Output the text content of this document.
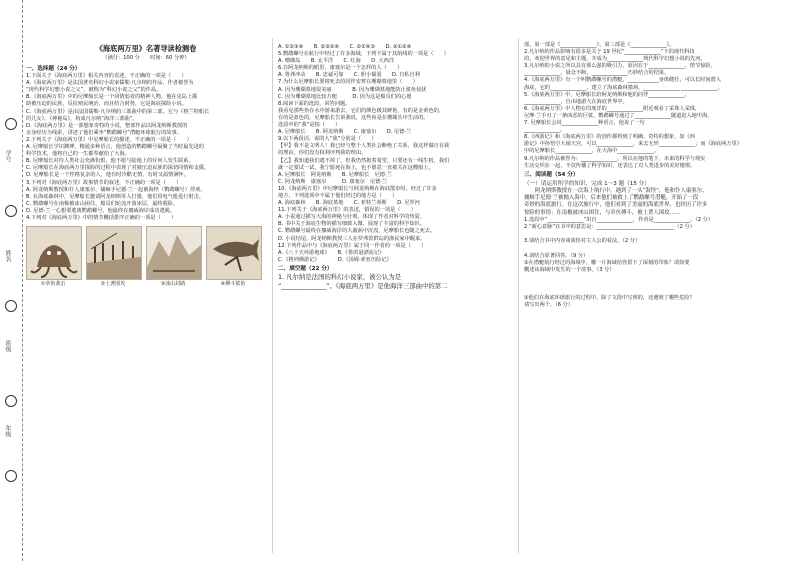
学号
姓名
班级
年级
《海底两万里》名著导读检测卷
（满分：100 分　　时间：60 分钟）
一、选择题（24 分）
1.下面关于《海底两万里》相关内容的表述，不正确的一项是（　　）
A.《海底两万里》是法国著名科幻小说家儒勒·凡尔纳的作品，作者被誉为
“现代科学幻想小说之父”，被称为“科幻小说之父”的作品。
B.《海底两万里》中的尼摩船长是一个同情弱者的精神人物，他在克岛上援
助被压迫的民族，反抗殖民统治，而且结合时势，它是海底探险小说。
C.《海底两万里》是由法国儒勒·凡尔纳的三部曲中的第二部，它与《格兰特船长
的儿女》、《神秘岛》，构成凡尔纳“海洋三部曲”。
D.《海底两万里》是一部想象奇特的小说，整部作品以阿龙纳斯教授的
亲身经历为线索，讲述了他们乘坐“鹦鹉螺号”潜艇环球航行的故事。
2.下列关于《海底两万里》中尼摩船长的描述，不正确的一项是（　　）
A. 尼摩船长学识渊博，精通多种语言，他创造的鹦鹉螺号凝聚了当时最先进的
科学技术，他将自己的一生都奉献给了大海。
B. 尼摩船长对待人类社会充满仇恨，他不愿与陆地上的任何人发生联系。
C. 尼摩船长在海底两万里探险的过程中表现了对被压迫民族的深切同情和支援。
D. 尼摩船长是一个性格复杂的人，他有时冷酷无情，有时又温情满怀。
3.下列对《海底两万里》故事情节的叙述，不正确的一项是（　　）
A. 阿龙纳斯教授和仆人康塞尔、捕鲸手尼德·兰一起被海怪（鹦鹉螺号）俘虏。
B. 在海底森林中，尼摩船长邀请阿龙纳斯等人打猎，他们用电气枪进行射击。
C. 鹦鹉螺号在南极被冰山困住，船员们轮流开凿冰层，最终脱险。
D. 尼德·兰一心想要逃离鹦鹉螺号，他最终在挪威海岸成功逃脱。
4.下列对《海底两万里》中的情节概括排序正确的一项是（　　）
①章鱼袭击	②土著围攻	③冰山封路	④搏斗鲨鱼
A. ①②③④　　B. ①③②④　　C. ②①④③　　D. ③①②④
5.鹦鹉螺号在航行中经过了许多海域，下列不属于其航线的一项是（　　）
A. 珊瑚岛　　B. 太平洋　　C. 红海　　D. 大西洋
6.在阿龙纳斯的眼里，康塞尔是一个怎样的人（　　）
A. 鲁莽冲动　　B. 忠诚可靠　　C. 胆小懦弱　　D. 自私自利
7.为什么尼摩船长要将死去的同伴安葬在珊瑚墓地里（　　）
A. 因为珊瑚墓地很美丽　　　　B. 因为珊瑚墓地能防止鲨鱼侵扰
C. 因为珊瑚墓地比较方便　　　D. 因为这是船员们的心愿
8.阅读下面的选段，回答问题。
我看见那些鱼在水中游来游去，它们的颜色极其鲜艳，有的是金黄色的，
有的是蓝色的，尼摩船长告诉我说，这些鱼是在珊瑚丛中生活的。
选段中的“我”是指（　　）
A. 尼摩船长　　B. 阿龙纳斯　　C. 康塞尔　　D. 尼德·兰
9.以下两段话，说的人“我”分别是（　　）
【甲】我不是文明人！我已经与整个人类社会断绝了关系，我这样做自有我
的理由，你们没有权利评判我的理由。
【乙】我知道我们逃不掉了，但我仍然抱着希望，只要还有一线生机，我们
就一定要试一试，我宁愿死在海上，也不愿意一直被关在这艘船上。
A. 尼摩船长　阿龙纳斯　　B. 尼摩船长　尼德·兰
C. 阿龙纳斯　康塞尔　　　D. 康塞尔　尼德·兰
10.《海底两万里》中尼摩船长与阿龙纳斯在海底散步时，经过了许多
地方，下列选项中不属于他们经过的地方是（　　）
A. 海底森林　　B. 海底墓地　　C. 亚特兰蒂斯　　D. 尼罗河
11.下列关于《海底两万里》的表述，错误的一项是（　　）
A. 小说通过描写大海的神秘与壮观，体现了作者对科学的热爱。
B. 书中关于海底生物的描写细致入微，展现了丰富的科学知识。
C. 鹦鹉螺号最终在挪威海岸的大漩涡中沉没，尼摩船长也随之死去。
D. 小说结尾，阿龙纳斯教授三人在罗弗敦群岛的渔民家中醒来。
12.下列作品中与《海底两万里》属于同一作者的一项是（　　）
A.《八十天环游地球》　　B.《鲁滨逊漂流记》
C.《格列佛游记》　　　　D.《汤姆·索亚历险记》
二、填空题（22 分）
1. 凡尔纳是法国的科幻小说家，被公认为是
“______________”。《海底两万里》是他海洋三部曲中的第二
部，第一部是《______________》，第三部是《______________》。
2.凡尔纳的作品影响有很多是关于 19 世纪“______________”下的现代科技
的，欢迎世界的意见和主题，并成为______________现代科学幻想小说的先河。
3.凡尔纳的小说之所以具有那么强的吸引力，原因在于______________，情节惊险，
______________，悬念不断，______________巧妙结合的结果。
4.《海底两万里》有一个叫鹦鹉螺号的潜艇，____________身体健壮，可以长时间潜入
海底，它的______________，建立了海底森林猎场，______________ ______________。
5.《海底两万里》中，尼摩船长给阿龙纳斯和他的同伴______________，
______________，自由地游弋在海底世界中。
6.《海底两万里》中人物在印度洋的______________附近观看了采珠人采珠，
尼摩·兰手刃了一条凶恶的巨鲨，鹦鹉螺号通过了______________隧道进入地中海。
7. 尼摩船长会说______________种语言，他说了一句
______________。
8.《西游记》和《海底两万里》的创作都得到了明确、奇特的想象，如《西
游记》中孙悟空大闹天宫，可以______________，来去无形______________；而《海底两万里》
中的尼摩船长______________，在大海中______________。
9.凡尔纳的作品被誉为：______________，所以在他的笔下，未来的科学与现实
生活交织在一起，不仅传播了科学知识，还表达了对人类进步的美好憧憬。
三、阅读题（54 分）
（一）请运用所学的知识，完成 1～3 题（15 分）
　　阿龙纳斯教授在一次海上航行中，遇到了一头“海怪”，他和仆人康塞尔、
捕鲸手尼德·兰被抛入海中，后来他们被救上了鹦鹉螺号潜艇，开始了一段
奇妙的海底旅行。在这次旅行中，他们看到了美丽的海底世界，也经历了许多
惊险的事情：在南极被冰山困住，与章鱼搏斗，被土著人围攻……
1.选段中“______________”出自______________，作者是______________。（2 分）
2.“新心意脉”在书中的意思是：______________________________（2 分）

3.请结合书中内容谈谈你对主人公的看法。（2 分）

4.请结合原著回答。（9 分）
①在潜艇航行经过的海域中，哪一片海域给你留下了深刻的印象？请简要
概述该海域中发生的一个故事。（3 分）

②他们在海底环球旅行的过程中，除了文段中写到的，还遇到了哪些危险？
请写出两个。（6 分）
